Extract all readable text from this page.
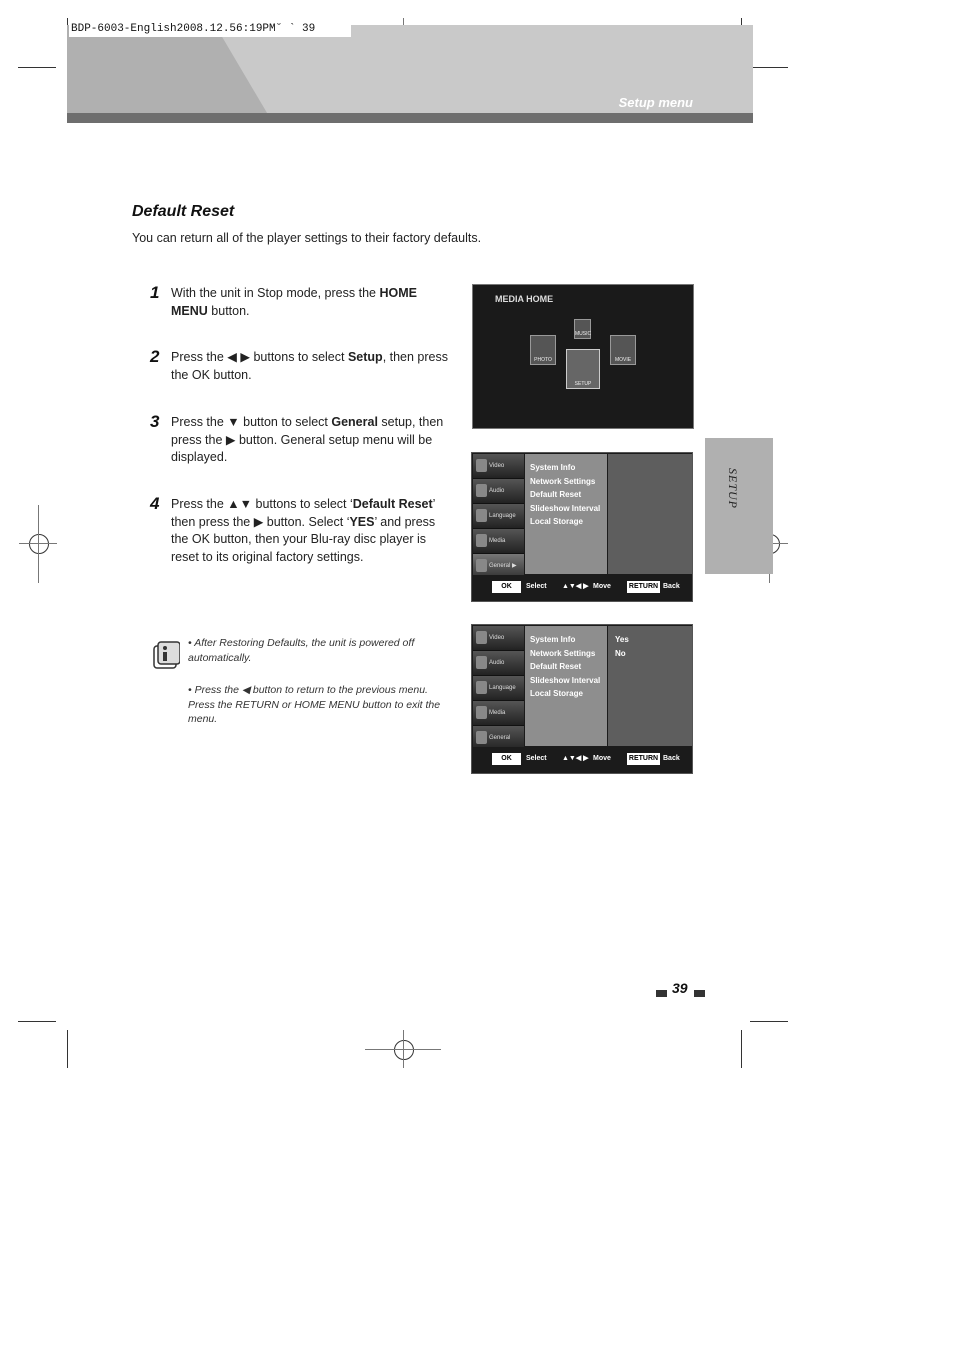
Setup menu
BDP-6003-English2008.12.56:19PM˘ ` 39
SETUP
Default Reset
You can return all of the player settings to their factory defaults.
1 With the unit in Stop mode, press the HOME MENU button.
2 Press the ◀ ▶ buttons to select Setup, then press the OK button.
3 Press the ▼ button to select General setup, then press the ▶ button. General setup menu will be displayed.
4 Press the ▲▼ buttons to select ‘Default Reset’ then press the ▶ button. Select ‘YES’ and press the OK button, then your Blu-ray disc player is reset to its original factory settings.
• After Restoring Defaults, the unit is powered off automatically.
• Press the ◀ button to return to the previous menu. Press the RETURN or HOME MENU button to exit the menu.
MEDIA HOME
PHOTO
MUSIC
MOVIE
SETUP
Video
Audio
Language
Media
General ▶
System Info
Network Settings
Default Reset
Slideshow Interval
Local Storage
OK	Select ▲▼◀ ▶ Move	RETURN Back
Video
Audio
Language
Media
General
System Info
Network Settings
Default Reset
Slideshow Interval
Local Storage
Yes
No
OK	Select ▲▼◀ ▶ Move	RETURN Back
39
